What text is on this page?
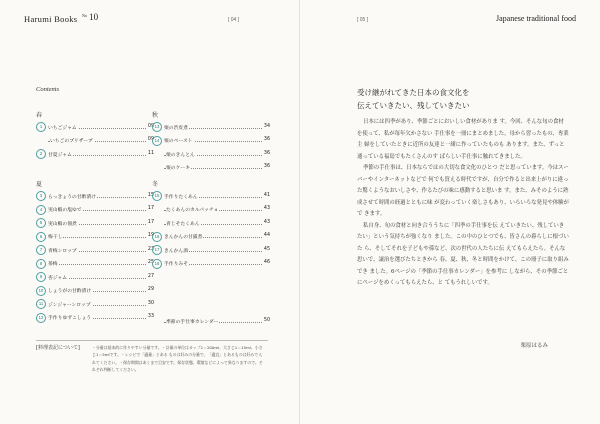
Harumi Books $^{No}$ 10	[ 04 ]	[ 05 ]	Japanese traditional food
Contents
春
夏
秋
冬
1	いちごジャム	09
いちごのプリザーブ	09
2	甘夏ジャム	11
3	らっきょうの甘酢漬け	15
4	実山椒の塩ゆで	17
5	実山椒の佃煮	17
6	梅干し	19
7	青梅シロップ	23
8	茶梅	25
9	杏ジャム	27
10 しょうがの甘酢漬け	29
11	ジンジャーシロップ	30
12 手作りゆずこしょう	33
13 栗の渋皮煮	34
14 栗のペースト	36
栗のきんとん	36
栗のケーキ	36
15 手作りたくあん	41
たくあんのカルパッチョ	43
青じそたくあん	43
16 きんかんの甘露煮	44
17 きんかん酒	45
18 手作りみそ	46
季節の手仕事カレンダー	50
[料理表記について]	・分量は基本的に作りやすい分量です。・計量の単位はカップ1＝200ml、大さじ1＝15ml、小さじ1＝5mlです。・レシピで「適量」とある ものは好みの分量で、「適宜」とあるものは好みで入れてください。・保存期間はあくまで目安です。保存状態、環境などによって異なりますので、それぞれ判断してください。
受け継がれてきた日本の食文化を
伝えていきたい、残していきたい

日本には四季があり、季節ごとにおいしい食材がありま す。今回、そんな旬の食材を使って、私が毎年欠かさない 手仕事を一冊にまとめました。母から習ったもの、専業主 婦をしていたときに近所の友達と一緒に作っていたものも あります。また、ずっと通っている福島でもたくさんのす ばらしい手仕事に触れてきました。

季節の手仕事は、日本ならではの大切な食文化のひとつ だと思っています。今はスーパーやインターネットなどで 何でも買える時代ですが、自分で作ると出来上がりに違っ た驚くようなおいしさや、作るたびの味に感動すると思いま す。また、みそのように熟成させて時間の経過とともに味 が変わっていく楽しさもあり、いろいろな発見や体験がで きます。

私自身、旬の食材と向き合ううちに「四季の手仕事を伝 えていきたい、残していきたい」という気持ちが強くなり ました。この中のひとつでも、皆さんの暮らしに根づいた ら、そしてそれを子どもや孫など、次の世代の人たちに伝 えてもらえたら。そんな思いで、譲治を選びたちときから 春、夏、秋、冬と時間をかけて、この冊子に取り組みでき ました。6ページの「季節の手仕事カレンダー」を参考に しながら、その季節ごとにページをめくってもらえたら、と てもうれしいです。

栗原はるみ
